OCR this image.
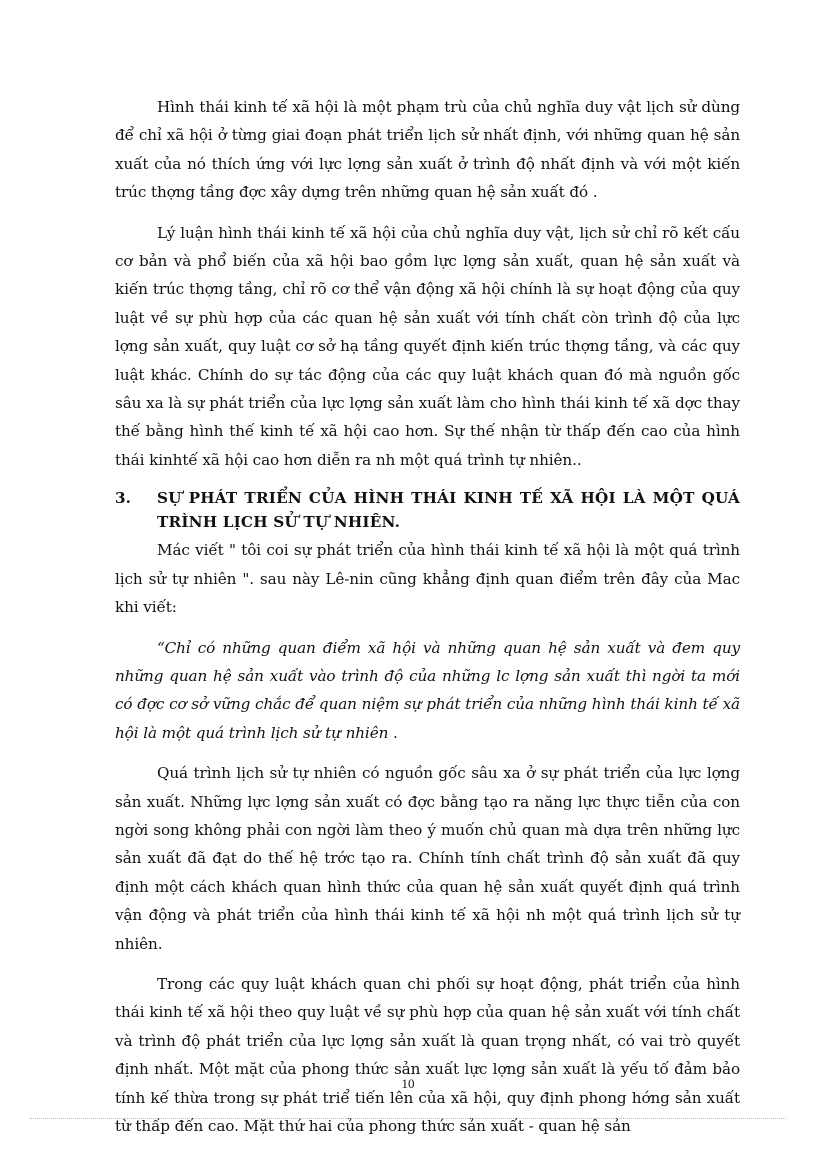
Hình thái kinh tế xã hội là một phạm trù của chủ nghĩa duy vật lịch sử dùng để chỉ xã hội ở từng giai đoạn phát triển lịch sử nhất định, với những quan hệ sản xuất của nó thích ứng với lực lợng sản xuất ở trình độ nhất định và với một kiến trúc thợng tầng đợc xây dựng trên những quan hệ sản xuất đó .

Lý luận hình thái kinh tế xã hội của chủ nghĩa duy vật, lịch sử chỉ rõ kết cấu cơ bản và phổ biến của xã hội bao gồm lực lợng sản xuất, quan hệ sản xuất và kiến trúc thợng tầng, chỉ rõ cơ thể vận động xã hội chính là sự hoạt động của quy luật về sự phù hợp của các quan hệ sản xuất với tính chất còn trình độ của lực lợng sản xuất, quy luật cơ sở hạ tầng quyết định kiến trúc thợng tầng, và các quy luật khác. Chính do sự tác động của các quy luật khách quan đó mà nguồn gốc sâu xa là sự phát triển của lực lợng sản xuất làm cho hình thái kinh tế xã dợc thay thế bằng hình thế kinh tế xã hội cao hơn. Sự thế nhận từ thấp đến cao của hình thái kinhtế xã hội cao hơn diễn ra nh một quá trình tự nhiên..

3.	SỰ PHÁT TRIỂN CỦA HÌNH THÁI KINH TẾ XÃ HỘI LÀ MỘT QUÁ TRÌNH LỊCH SỬ TỰ NHIÊN.

Mác viết " tôi coi sự phát triển của hình thái kinh tế xã hội là một quá trình lịch sử tự nhiên ". sau này Lê-nin cũng khẳng định quan điểm trên đây của Mac khi viết:

“Chỉ có những quan điểm xã hội và những quan hệ sản xuất và đem quy những quan hệ sản xuất vào trình độ của những lc lợng sản xuất thì ngời ta mới có đợc cơ sở vững chắc để quan niệm sự phát triển của những hình thái kinh tế xã hội là một quá trình lịch sử tự nhiên .

Quá trình lịch sử tự nhiên có nguồn gốc sâu xa ở sự phát triển của lực lợng sản xuất. Những lực lợng sản xuất có đợc bằng tạo ra năng lực thực tiễn của con ngời song không phải con ngời làm theo ý muốn chủ quan mà dựa trên những lực sản xuất đã đạt do thế hệ trớc tạo ra. Chính tính chất trình độ sản xuất đã quy định một cách khách quan hình thức của quan hệ sản xuất quyết định quá trình vận động và phát triển của hình thái kinh tế xã hội nh một quá trình lịch sử tự nhiên.

Trong các quy luật khách quan chi phối sự hoạt động, phát triển của hình thái kinh tế xã hội theo quy luật về sự phù hợp của quan hệ sản xuất với tính chất và trình độ phát triển của lực lợng sản xuất là quan trọng nhất, có vai trò quyết định nhất. Một mặt của phong thức sản xuất lực lợng sản xuất là yếu tố đảm bảo tính kế thừa trong sự phát triể tiến lên của xã hội, quy định phong hớng sản xuất từ thấp đến cao. Mặt thứ hai của phong thức sản xuất - quan hệ sản

10
